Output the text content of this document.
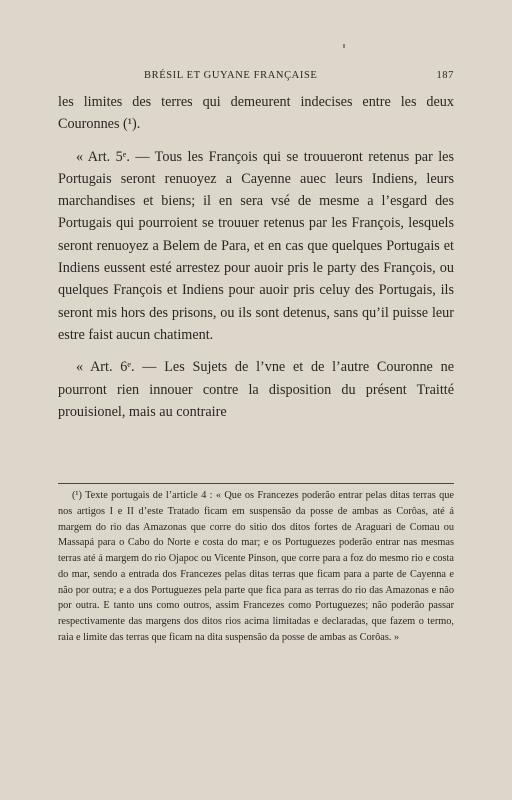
BRÉSIL ET GUYANE FRANÇAISE	187

les limites des terres qui demeurent indecises entre les deux Couronnes (¹).

« Art. 5ᵉ. — Tous les François qui se trouueront retenus par les Portugais seront renuoyez a Cayenne auec leurs Indiens, leurs marchandises et biens; il en sera vsé de mesme a l’esgard des Portugais qui pourroient se trouuer retenus par les François, lesquels seront renuoyez a Belem de Para, et en cas que quelques Portugais et Indiens eussent esté arrestez pour auoir pris le party des François, ou quelques François et Indiens pour auoir pris celuy des Portugais, ils seront mis hors des prisons, ou ils sont detenus, sans qu’il puisse leur estre faist aucun chatiment.

« Art. 6ᵉ. — Les Sujets de l’vne et de l’autre Couronne ne pourront rien innouer contre la disposition du présent Traitté prouisionel, mais au contraire

(¹) Texte portugais de l’article 4 : « Que os Francezes poderão entrar pelas ditas terras que nos artigos I e II d’este Tratado ficam em suspensão da posse de ambas as Corôas, até á margem do rio das Amazonas que corre do sitio dos ditos fortes de Araguari de Comau ou Massapá para o Cabo do Norte e costa do mar; e os Portuguezes poderão entrar nas mesmas terras até á margem do rio Ojapoc ou Vicente Pinson, que corre para a foz do mesmo rio e costa do mar, sendo a entrada dos Francezes pelas ditas terras que ficam para a parte de Cayenna e não por outra; e a dos Portuguezes pela parte que fica para as terras do rio das Amazonas e não por outra. E tanto uns como outros, assim Francezes como Portuguezes; não poderão passar respectivamente das margens dos ditos rios acima limitadas e declaradas, que fazem o termo, raia e limite das terras que ficam na dita suspensão da posse de ambas as Corôas. »
